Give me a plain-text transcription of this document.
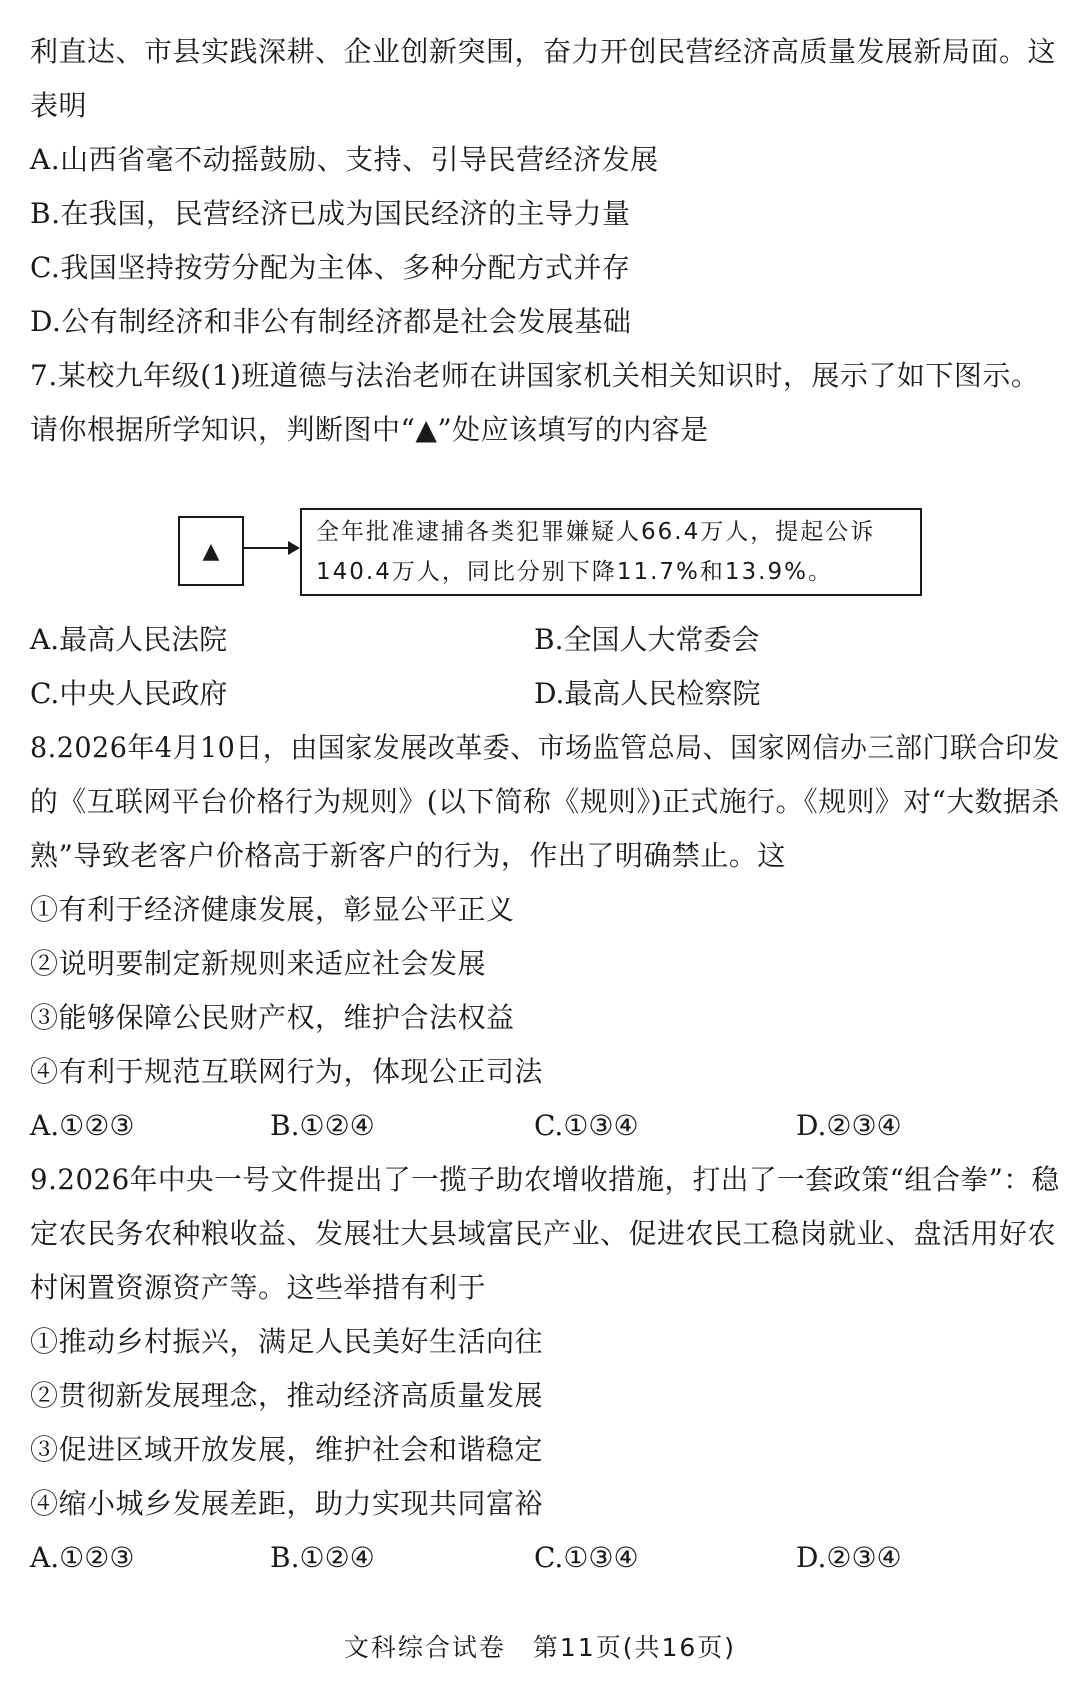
利直达、市县实践深耕、企业创新突围，奋力开创民营经济高质量发展新局面。这
表明
A.山西省毫不动摇鼓励、支持、引导民营经济发展
B.在我国，民营经济已成为国民经济的主导力量
C.我国坚持按劳分配为主体、多种分配方式并存
D.公有制经济和非公有制经济都是社会发展基础
7.某校九年级(1)班道德与法治老师在讲国家机关相关知识时，展示了如下图示。
请你根据所学知识，判断图中“▲”处应该填写的内容是
▲
全年批准逮捕各类犯罪嫌疑人66.4万人，提起公诉
140.4万人，同比分别下降11.7%和13.9%。
A.最高人民法院	B.全国人大常委会
C.中央人民政府	D.最高人民检察院
8.2026年4月10日，由国家发展改革委、市场监管总局、国家网信办三部门联合印发
的《互联网平台价格行为规则》(以下简称《规则》)正式施行。《规则》对“大数据杀
熟”导致老客户价格高于新客户的行为，作出了明确禁止。这
①有利于经济健康发展，彰显公平正义
②说明要制定新规则来适应社会发展
③能够保障公民财产权，维护合法权益
④有利于规范互联网行为，体现公正司法
A.①②③	B.①②④	C.①③④	D.②③④
9.2026年中央一号文件提出了一揽子助农增收措施，打出了一套政策“组合拳”：稳
定农民务农种粮收益、发展壮大县域富民产业、促进农民工稳岗就业、盘活用好农
村闲置资源资产等。这些举措有利于
①推动乡村振兴，满足人民美好生活向往
②贯彻新发展理念，推动经济高质量发展
③促进区域开放发展，维护社会和谐稳定
④缩小城乡发展差距，助力实现共同富裕
A.①②③	B.①②④	C.①③④	D.②③④
文科综合试卷　第11页(共16页)
